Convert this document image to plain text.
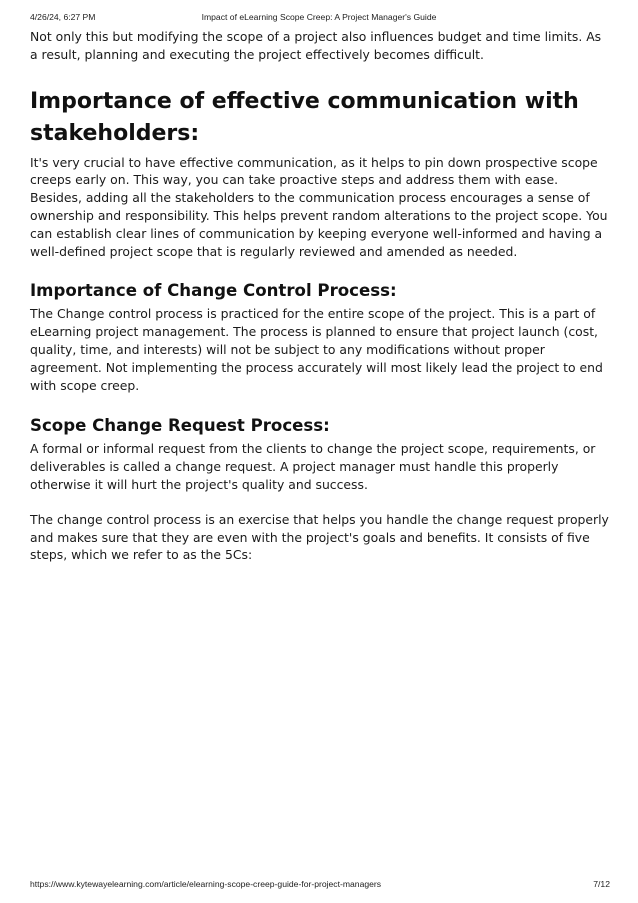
4/26/24, 6:27 PM	Impact of eLearning Scope Creep: A Project Manager's Guide

Not only this but modifying the scope of a project also influences budget and time limits. As a result, planning and executing the project effectively becomes difficult.

Importance of effective communication with stakeholders:

It's very crucial to have effective communication, as it helps to pin down prospective scope creeps early on. This way, you can take proactive steps and address them with ease. Besides, adding all the stakeholders to the communication process encourages a sense of ownership and responsibility. This helps prevent random alterations to the project scope. You can establish clear lines of communication by keeping everyone well-informed and having a well-defined project scope that is regularly reviewed and amended as needed.

Importance of Change Control Process:

The Change control process is practiced for the entire scope of the project. This is a part of eLearning project management. The process is planned to ensure that project launch (cost, quality, time, and interests) will not be subject to any modifications without proper agreement. Not implementing the process accurately will most likely lead the project to end with scope creep.

Scope Change Request Process:

A formal or informal request from the clients to change the project scope, requirements, or deliverables is called a change request. A project manager must handle this properly otherwise it will hurt the project's quality and success.

The change control process is an exercise that helps you handle the change request properly and makes sure that they are even with the project's goals and benefits. It consists of five steps, which we refer to as the 5Cs:

https://www.kytewayelearning.com/article/elearning-scope-creep-guide-for-project-managers	7/12
